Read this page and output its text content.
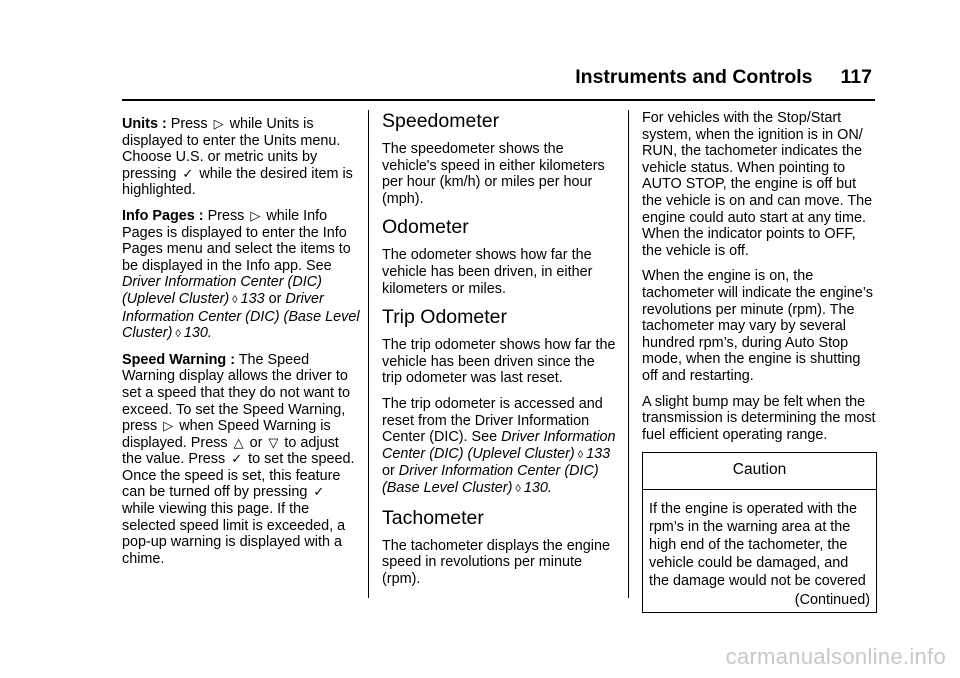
Instruments and Controls 117

Units : Press ▷ while Units is displayed to enter the Units menu. Choose U.S. or metric units by pressing ✓ while the desired item is highlighted.

Info Pages : Press ▷ while Info Pages is displayed to enter the Info Pages menu and select the items to be displayed in the Info app. See Driver Information Center (DIC) (Uplevel Cluster) ◊ 133 or Driver Information Center (DIC) (Base Level Cluster) ◊ 130.

Speed Warning : The Speed Warning display allows the driver to set a speed that they do not want to exceed. To set the Speed Warning, press ▷ when Speed Warning is displayed. Press △ or ▽ to adjust the value. Press ✓ to set the speed. Once the speed is set, this feature can be turned off by pressing ✓ while viewing this page. If the selected speed limit is exceeded, a pop-up warning is displayed with a chime.

Speedometer

The speedometer shows the vehicle's speed in either kilometers per hour (km/h) or miles per hour (mph).

Odometer

The odometer shows how far the vehicle has been driven, in either kilometers or miles.

Trip Odometer

The trip odometer shows how far the vehicle has been driven since the trip odometer was last reset.

The trip odometer is accessed and reset from the Driver Information Center (DIC). See Driver Information Center (DIC) (Uplevel Cluster) ◊ 133 or Driver Information Center (DIC) (Base Level Cluster) ◊ 130.

Tachometer

The tachometer displays the engine speed in revolutions per minute (rpm).

For vehicles with the Stop/Start system, when the ignition is in ON/ RUN, the tachometer indicates the vehicle status. When pointing to AUTO STOP, the engine is off but the vehicle is on and can move. The engine could auto start at any time. When the indicator points to OFF, the vehicle is off.

When the engine is on, the tachometer will indicate the engine’s revolutions per minute (rpm). The tachometer may vary by several hundred rpm’s, during Auto Stop mode, when the engine is shutting off and restarting.

A slight bump may be felt when the transmission is determining the most fuel efficient operating range.

Caution
If the engine is operated with the rpm’s in the warning area at the high end of the tachometer, the vehicle could be damaged, and the damage would not be covered
(Continued)
carmanualsonline.info
